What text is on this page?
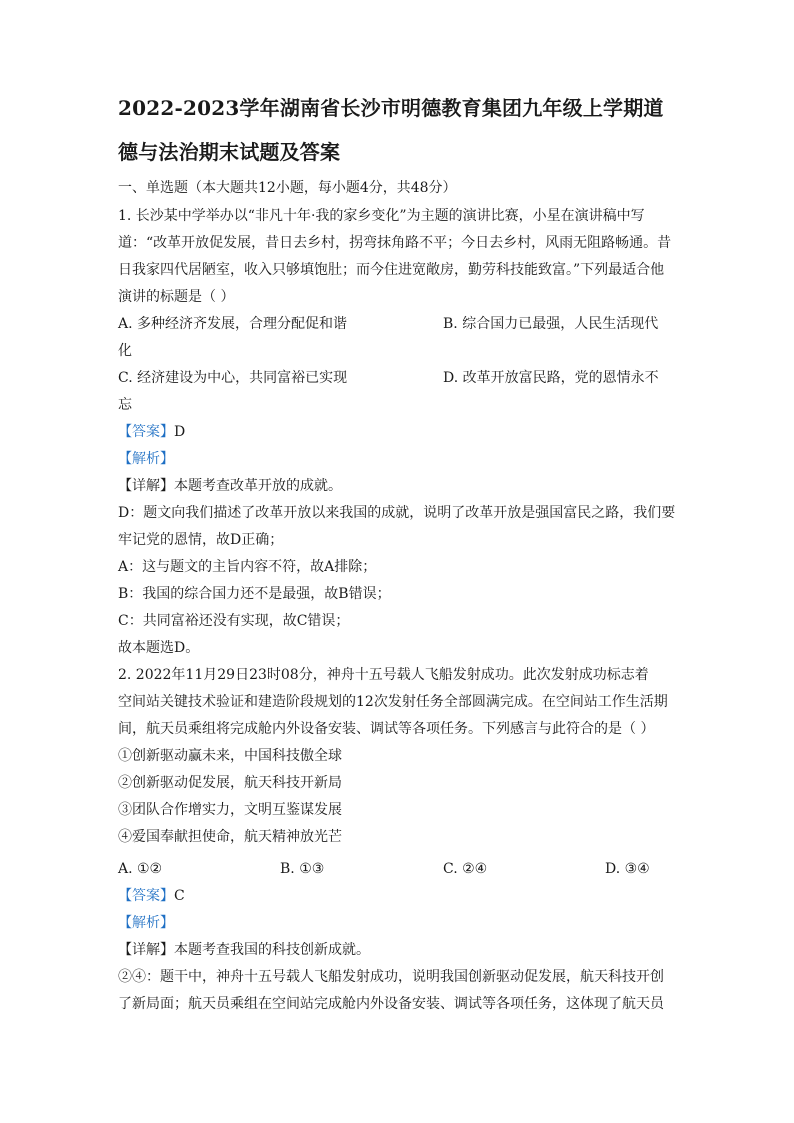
2022-2023学年湖南省长沙市明德教育集团九年级上学期道
德与法治期末试题及答案
一、单选题（本大题共12小题，每小题4分，共48分）
1. 长沙某中学举办以“非凡十年·我的家乡变化”为主题的演讲比赛，小星在演讲稿中写
道：“改革开放促发展，昔日去乡村，拐弯抹角路不平；今日去乡村，风雨无阻路畅通。昔
日我家四代居陋室，收入只够填饱肚；而今住进宽敞房，勤劳科技能致富。”下列最适合他
演讲的标题是（ ）
A. 多种经济齐发展，合理分配促和谐	B. 综合国力已最强，人民生活现代
化
C. 经济建设为中心，共同富裕已实现	D. 改革开放富民路，党的恩情永不
忘
【答案】D
【解析】
【详解】本题考查改革开放的成就。
D：题文向我们描述了改革开放以来我国的成就，说明了改革开放是强国富民之路，我们要
牢记党的恩情，故D正确；
A：这与题文的主旨内容不符，故A排除；
B：我国的综合国力还不是最强，故B错误；
C：共同富裕还没有实现，故C错误；
故本题选D。
2. 2022年11月29日23时08分，神舟十五号载人飞船发射成功。此次发射成功标志着
空间站关键技术验证和建造阶段规划的12次发射任务全部圆满完成。在空间站工作生活期
间，航天员乘组将完成舱内外设备安装、调试等各项任务。下列感言与此符合的是（ ）
①创新驱动赢未来，中国科技傲全球
②创新驱动促发展，航天科技开新局
③团队合作增实力，文明互鉴谋发展
④爱国奉献担使命，航天精神放光芒
A. ①②	B. ①③	C. ②④	D. ③④
【答案】C
【解析】
【详解】本题考查我国的科技创新成就。
②④：题干中，神舟十五号载人飞船发射成功，说明我国创新驱动促发展，航天科技开创
了新局面；航天员乘组在空间站完成舱内外设备安装、调试等各项任务，这体现了航天员
